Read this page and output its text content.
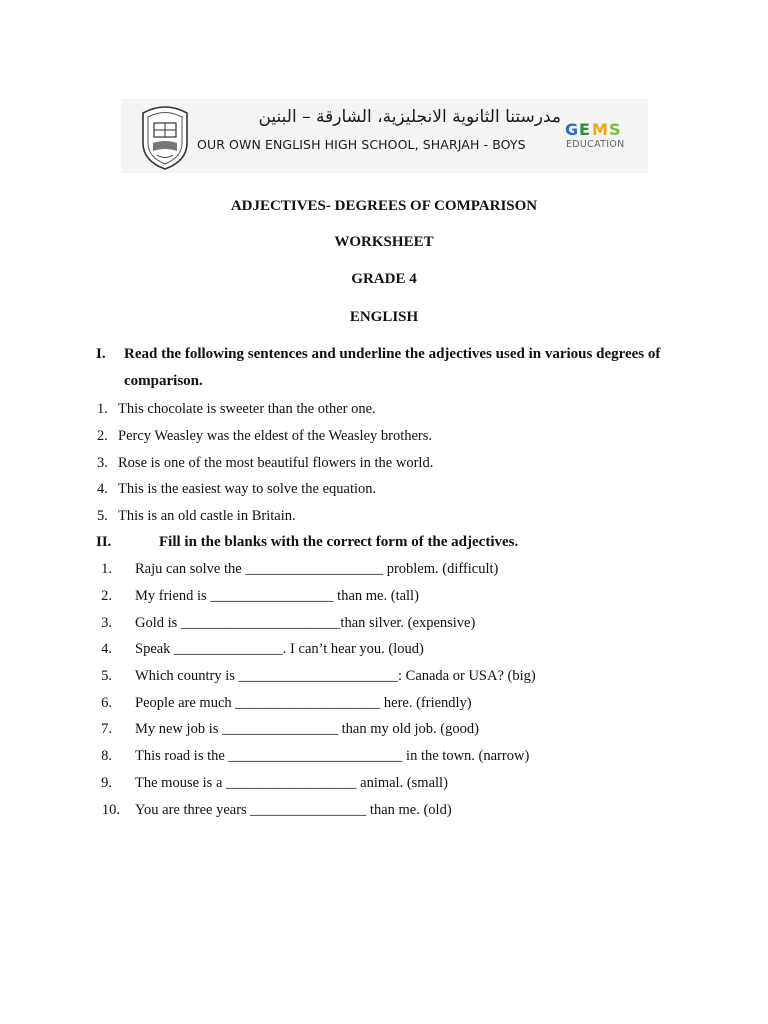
مدرستنا الثانوية الانجليزية، الشارقة – البنين
OUR OWN ENGLISH HIGH SCHOOL, SHARJAH - BOYS
G E M S
EDUCATION
ADJECTIVES- DEGREES OF COMPARISON
WORKSHEET
GRADE 4
ENGLISH
I. Read the following sentences and underline the adjectives used in various degrees of
comparison.
1. This chocolate is sweeter than the other one.
2. Percy Weasley was the eldest of the Weasley brothers.
3. Rose is one of the most beautiful flowers in the world.
4. This is the easiest way to solve the equation.
5. This is an old castle in Britain.
II.	Fill in the blanks with the correct form of the adjectives.
1. Raju can solve the ___________________ problem. (difficult)
2. My friend is _________________ than me. (tall)
3. Gold is ______________________than silver. (expensive)
4. Speak _______________. I can’t hear you. (loud)
5. Which country is ______________________: Canada or USA? (big)
6. People are much ____________________ here. (friendly)
7. My new job is ________________ than my old job. (good)
8. This road is the ________________________ in the town. (narrow)
9. The mouse is a __________________ animal. (small)
10. You are three years ________________ than me. (old)
